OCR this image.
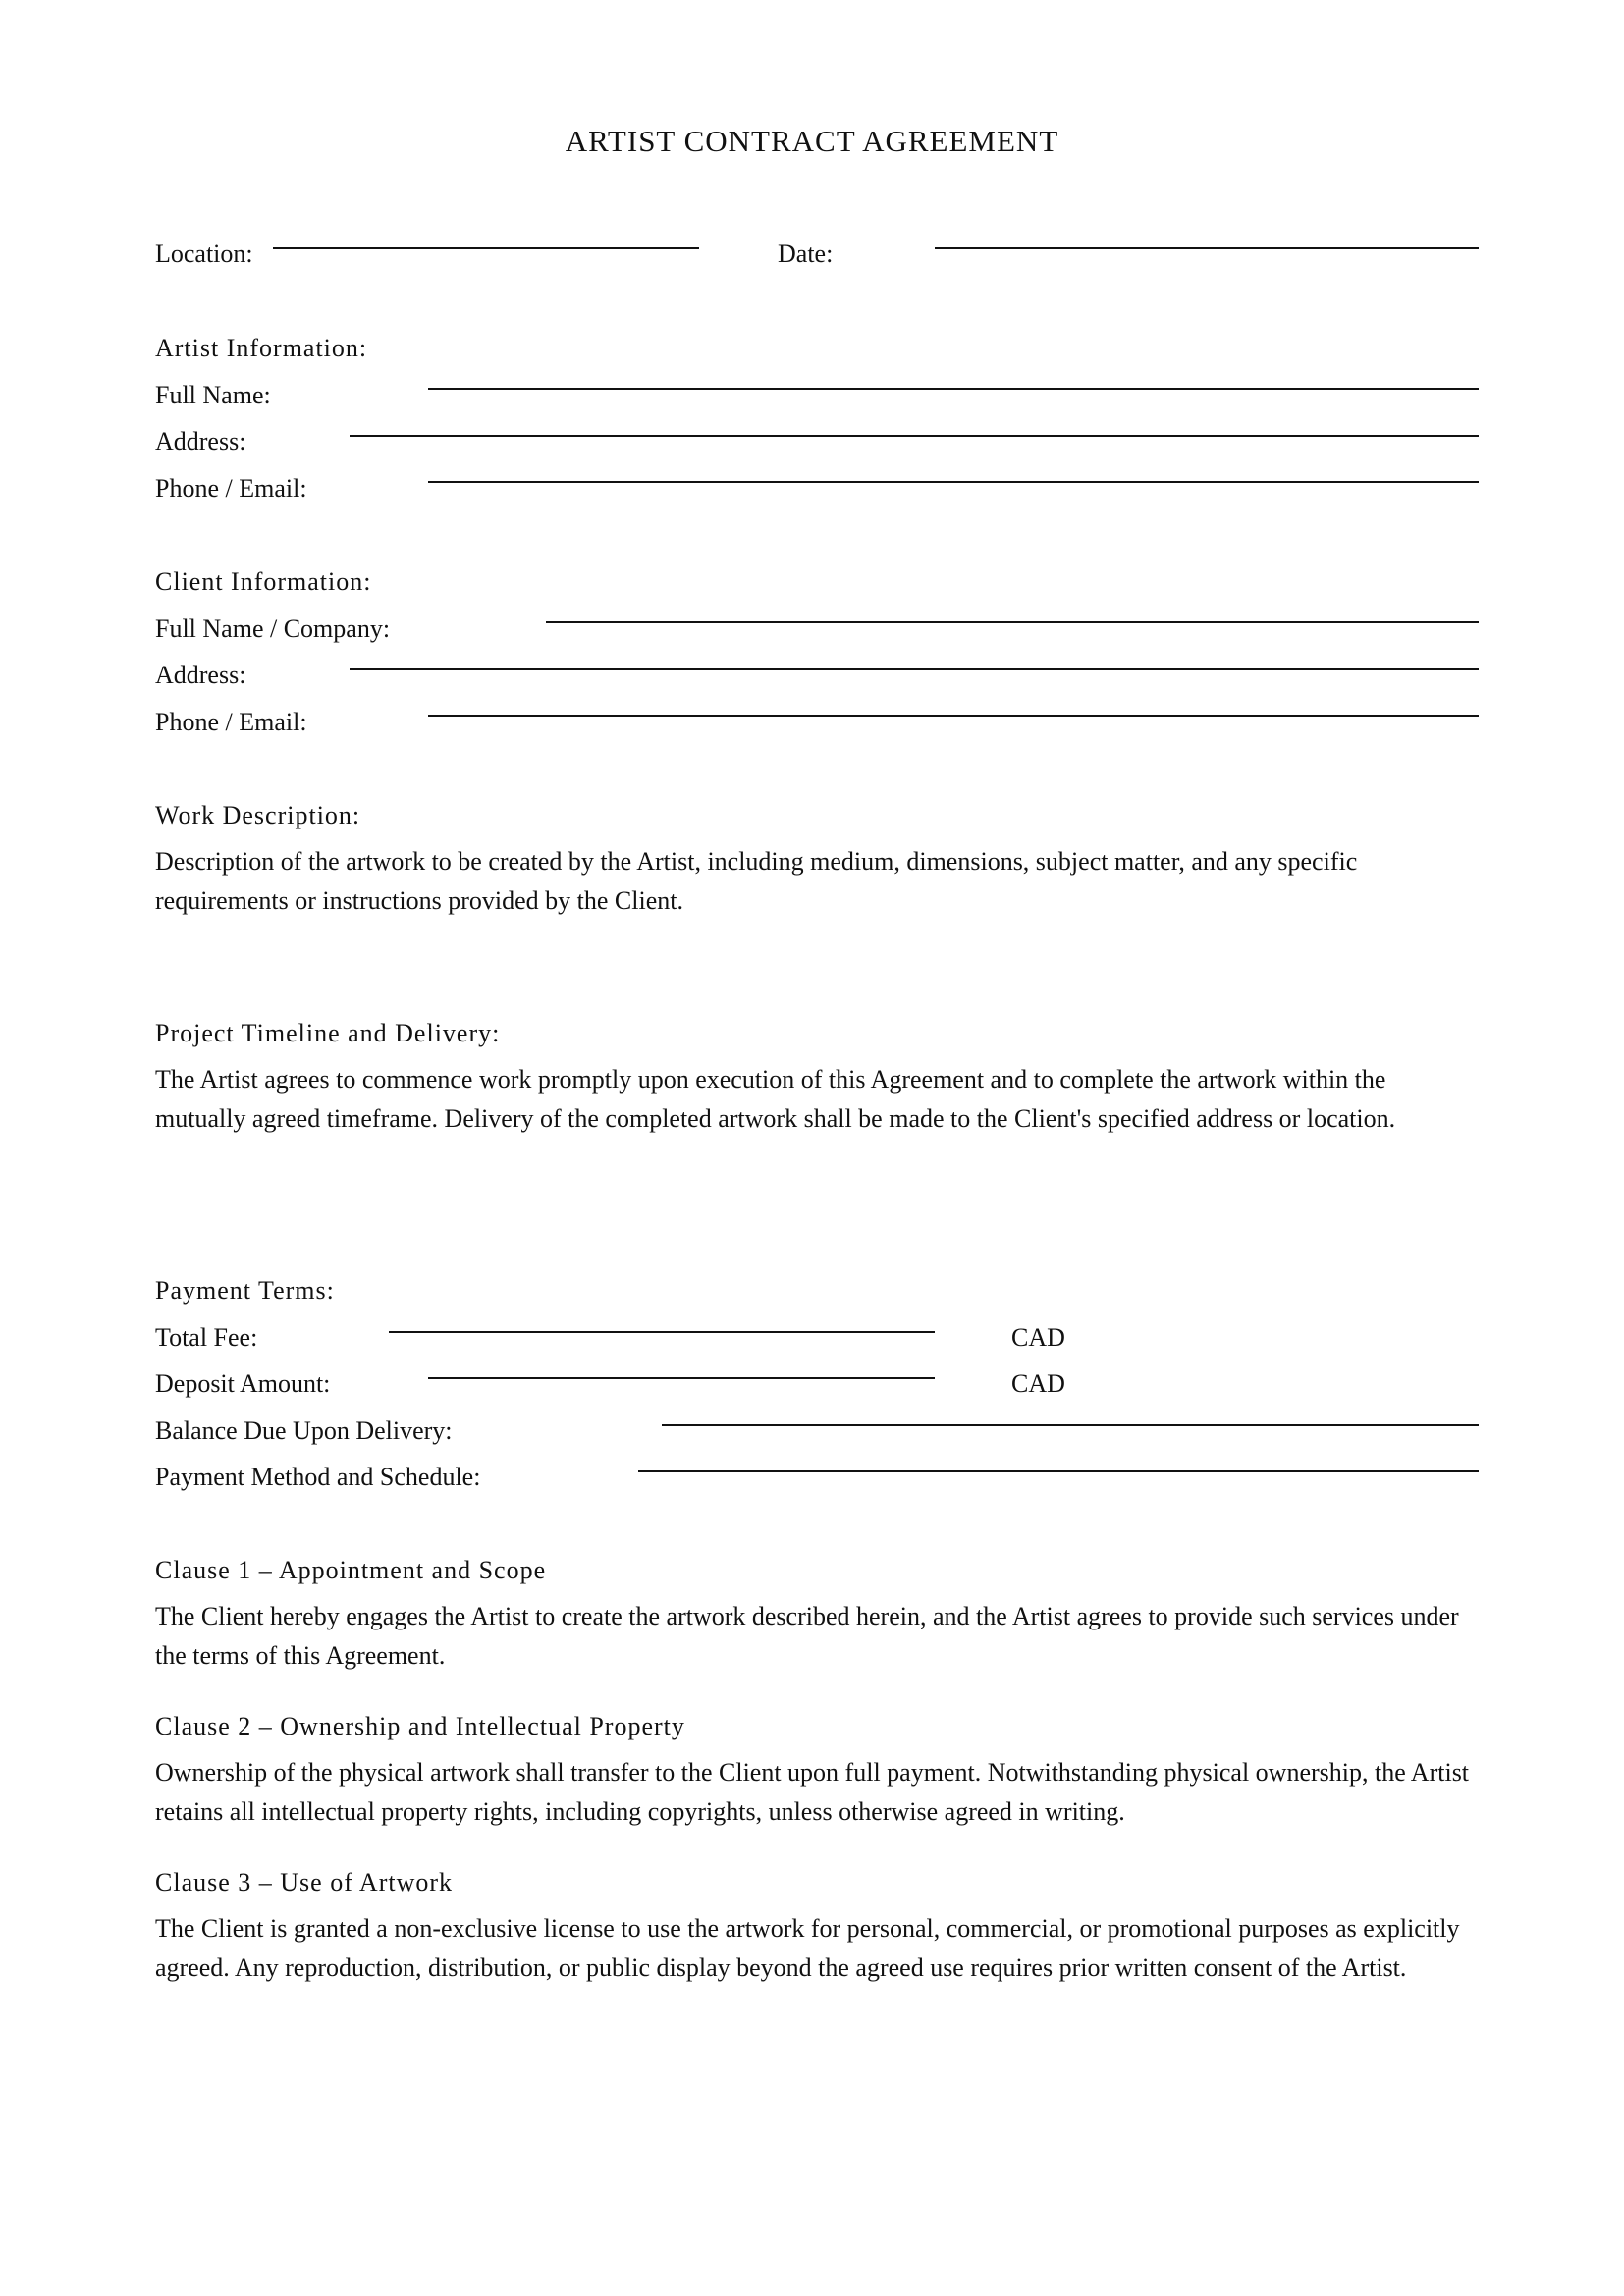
ARTIST CONTRACT AGREEMENT
Location:	Date:
Artist Information:
Full Name:
Address:
Phone / Email:
Client Information:
Full Name / Company:
Address:
Phone / Email:
Work Description:
Description of the artwork to be created by the Artist, including medium, dimensions, subject matter, and any specific requirements or instructions provided by the Client.
Project Timeline and Delivery:
The Artist agrees to commence work promptly upon execution of this Agreement and to complete the artwork within the mutually agreed timeframe. Delivery of the completed artwork shall be made to the Client's specified address or location.
Payment Terms:
Total Fee:	CAD
Deposit Amount:	CAD
Balance Due Upon Delivery:
Payment Method and Schedule:
Clause 1 – Appointment and Scope
The Client hereby engages the Artist to create the artwork described herein, and the Artist agrees to provide such services under the terms of this Agreement.
Clause 2 – Ownership and Intellectual Property
Ownership of the physical artwork shall transfer to the Client upon full payment. Notwithstanding physical ownership, the Artist retains all intellectual property rights, including copyrights, unless otherwise agreed in writing.
Clause 3 – Use of Artwork
The Client is granted a non-exclusive license to use the artwork for personal, commercial, or promotional purposes as explicitly agreed. Any reproduction, distribution, or public display beyond the agreed use requires prior written consent of the Artist.
